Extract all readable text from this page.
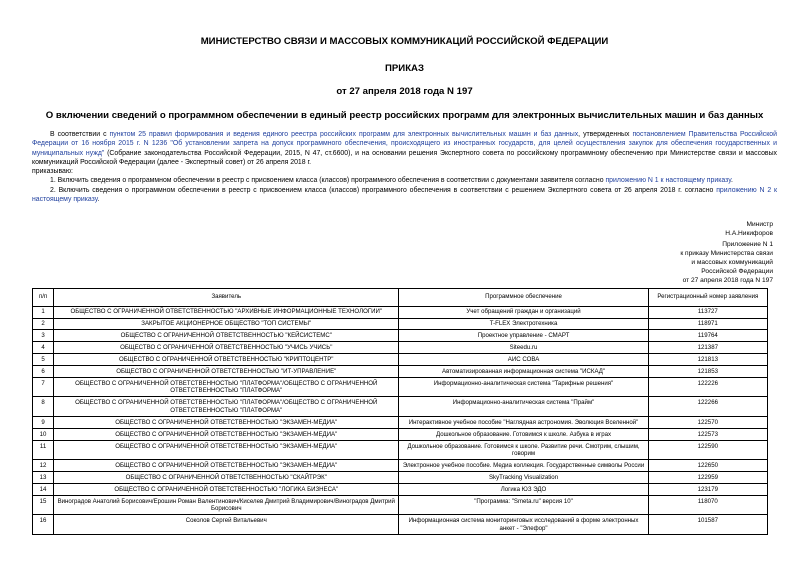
МИНИСТЕРСТВО СВЯЗИ И МАССОВЫХ КОММУНИКАЦИЙ РОССИЙСКОЙ ФЕДЕРАЦИИ

ПРИКАЗ

от 27 апреля 2018 года N 197

О включении сведений о программном обеспечении в единый реестр российских программ для электронных вычислительных машин и баз данных

В соответствии с пунктом 25 правил формирования и ведения единого реестра российских программ для электронных вычислительных машин и баз данных, утвержденных постановлением Правительства Российской Федерации от 16 ноября 2015 г. N 1236 "Об установлении запрета на допуск программного обеспечения, происходящего из иностранных государств, для целей осуществления закупок для обеспечения государственных и муниципальных нужд" (Собрание законодательства Российской Федерации, 2015, N 47, ст.6600), и на основании решения Экспертного совета по российскому программному обеспечению при Министерстве связи и массовых коммуникаций Российской Федерации (далее - Экспертный совет) от 26 апреля 2018 г.

приказываю:

1. Включить сведения о программном обеспечении в реестр с присвоением класса (классов) программного обеспечения в соответствии с документами заявителя согласно приложению N 1 к настоящему приказу.

2. Включить сведения о программном обеспечении в реестр с присвоением класса (классов) программного обеспечения в соответствии с решением Экспертного совета от 26 апреля 2018 г. согласно приложению N 2 к настоящему приказу.

Министр
Н.А.Никифоров
Приложение N 1
к приказу Министерства связи
и массовых коммуникаций
Российской Федерации
от 27 апреля 2018 года N 197
п/п	Заявитель	Программное обеспечение	Регистрационный номер заявления
1	ОБЩЕСТВО С ОГРАНИЧЕННОЙ ОТВЕТСТВЕННОСТЬЮ "АРХИВНЫЕ ИНФОРМАЦИОННЫЕ ТЕХНОЛОГИИ"	Учет обращений граждан и организаций	113727
2	ЗАКРЫТОЕ АКЦИОНЕРНОЕ ОБЩЕСТВО "ТОП СИСТЕМЫ"	T-FLEX Электротехника	118971
3	ОБЩЕСТВО С ОГРАНИЧЕННОЙ ОТВЕТСТВЕННОСТЬЮ "КЕЙСИСТЕМС"	Проектное управление - СМАРТ	119764
4	ОБЩЕСТВО С ОГРАНИЧЕННОЙ ОТВЕТСТВЕННОСТЬЮ "УЧИСЬ УЧИСЬ"	Siteedu.ru	121387
5	ОБЩЕСТВО С ОГРАНИЧЕННОЙ ОТВЕТСТВЕННОСТЬЮ "КРИПТОЦЕНТР"	АИС СОВА	121813
6	ОБЩЕСТВО С ОГРАНИЧЕННОЙ ОТВЕТСТВЕННОСТЬЮ "ИТ-УПРАВЛЕНИЕ"	Автоматизированная информационная система "ИСКАД"	121853
7	ОБЩЕСТВО С ОГРАНИЧЕННОЙ ОТВЕТСТВЕННОСТЬЮ "ПЛАТФОРМА"/ОБЩЕСТВО С ОГРАНИЧЕННОЙ ОТВЕТСТВЕННОСТЬЮ "ПЛАТФОРМА"	Информационно-аналитическая система "Тарифные решения"	122226
8	ОБЩЕСТВО С ОГРАНИЧЕННОЙ ОТВЕТСТВЕННОСТЬЮ "ПЛАТФОРМА"/ОБЩЕСТВО С ОГРАНИЧЕННОЙ ОТВЕТСТВЕННОСТЬЮ "ПЛАТФОРМА"	Информационно-аналитическая система "Прайм"	122266
9	ОБЩЕСТВО С ОГРАНИЧЕННОЙ ОТВЕТСТВЕННОСТЬЮ "ЭКЗАМЕН-МЕДИА"	Интерактивное учебное пособие "Наглядная астрономия. Эволюция Вселенной"	122570
10	ОБЩЕСТВО С ОГРАНИЧЕННОЙ ОТВЕТСТВЕННОСТЬЮ "ЭКЗАМЕН-МЕДИА"	Дошкольное образование. Готовимся к школе. Азбука в играх	122573
11	ОБЩЕСТВО С ОГРАНИЧЕННОЙ ОТВЕТСТВЕННОСТЬЮ "ЭКЗАМЕН-МЕДИА"	Дошкольное образование. Готовимся к школе. Развитие речи. Смотрим, слышим, говорим	122590
12	ОБЩЕСТВО С ОГРАНИЧЕННОЙ ОТВЕТСТВЕННОСТЬЮ "ЭКЗАМЕН-МЕДИА"	Электронное учебное пособие. Медиа коллекция. Государственные символы России	122650
13	ОБЩЕСТВО С ОГРАНИЧЕННОЙ ОТВЕТСТВЕННОСТЬЮ "СКАЙТРЭК"	SkyTracking Visualization	122959
14	ОБЩЕСТВО С ОГРАНИЧЕННОЙ ОТВЕТСТВЕННОСТЬЮ "ЛОГИКА БИЗНЕСА"	Логика ЮЗ ЭДО	123179
15	Виноградов Анатолий Борисович/Ерошин Роман Валентинович/Киселев Дмитрий Владимирович/Виноградов Дмитрий Борисович	"Программа: "Smeta.ru" версия 10"	118070
16	Соколов Сергей Витальевич	Информационная система мониторинговых исследований в форме электронных анкет - "Элефор"	101587
